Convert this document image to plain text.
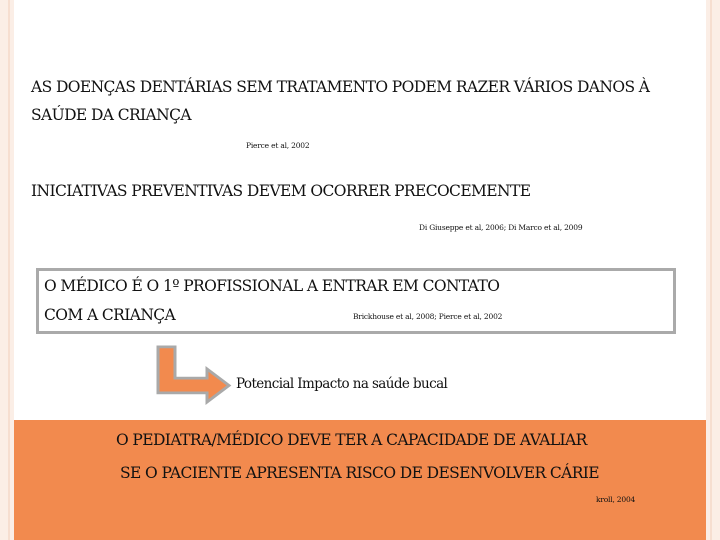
AS DOENÇAS DENTÁRIAS SEM TRATAMENTO PODEM RAZER VÁRIOS DANOS À
SAÚDE DA CRIANÇA
Pierce et al, 2002
INICIATIVAS PREVENTIVAS DEVEM OCORRER PRECOCEMENTE
Di Giuseppe et al, 2006; Di Marco et al, 2009
O MÉDICO É O 1º PROFISSIONAL A ENTRAR EM CONTATO
COM A CRIANÇA	Brickhouse et al, 2008; Pierce et al, 2002
Potencial Impacto na saúde bucal
O PEDIATRA/MÉDICO DEVE TER A CAPACIDADE DE AVALIAR
SE O PACIENTE APRESENTA RISCO DE DESENVOLVER CÁRIE
kroll, 2004
